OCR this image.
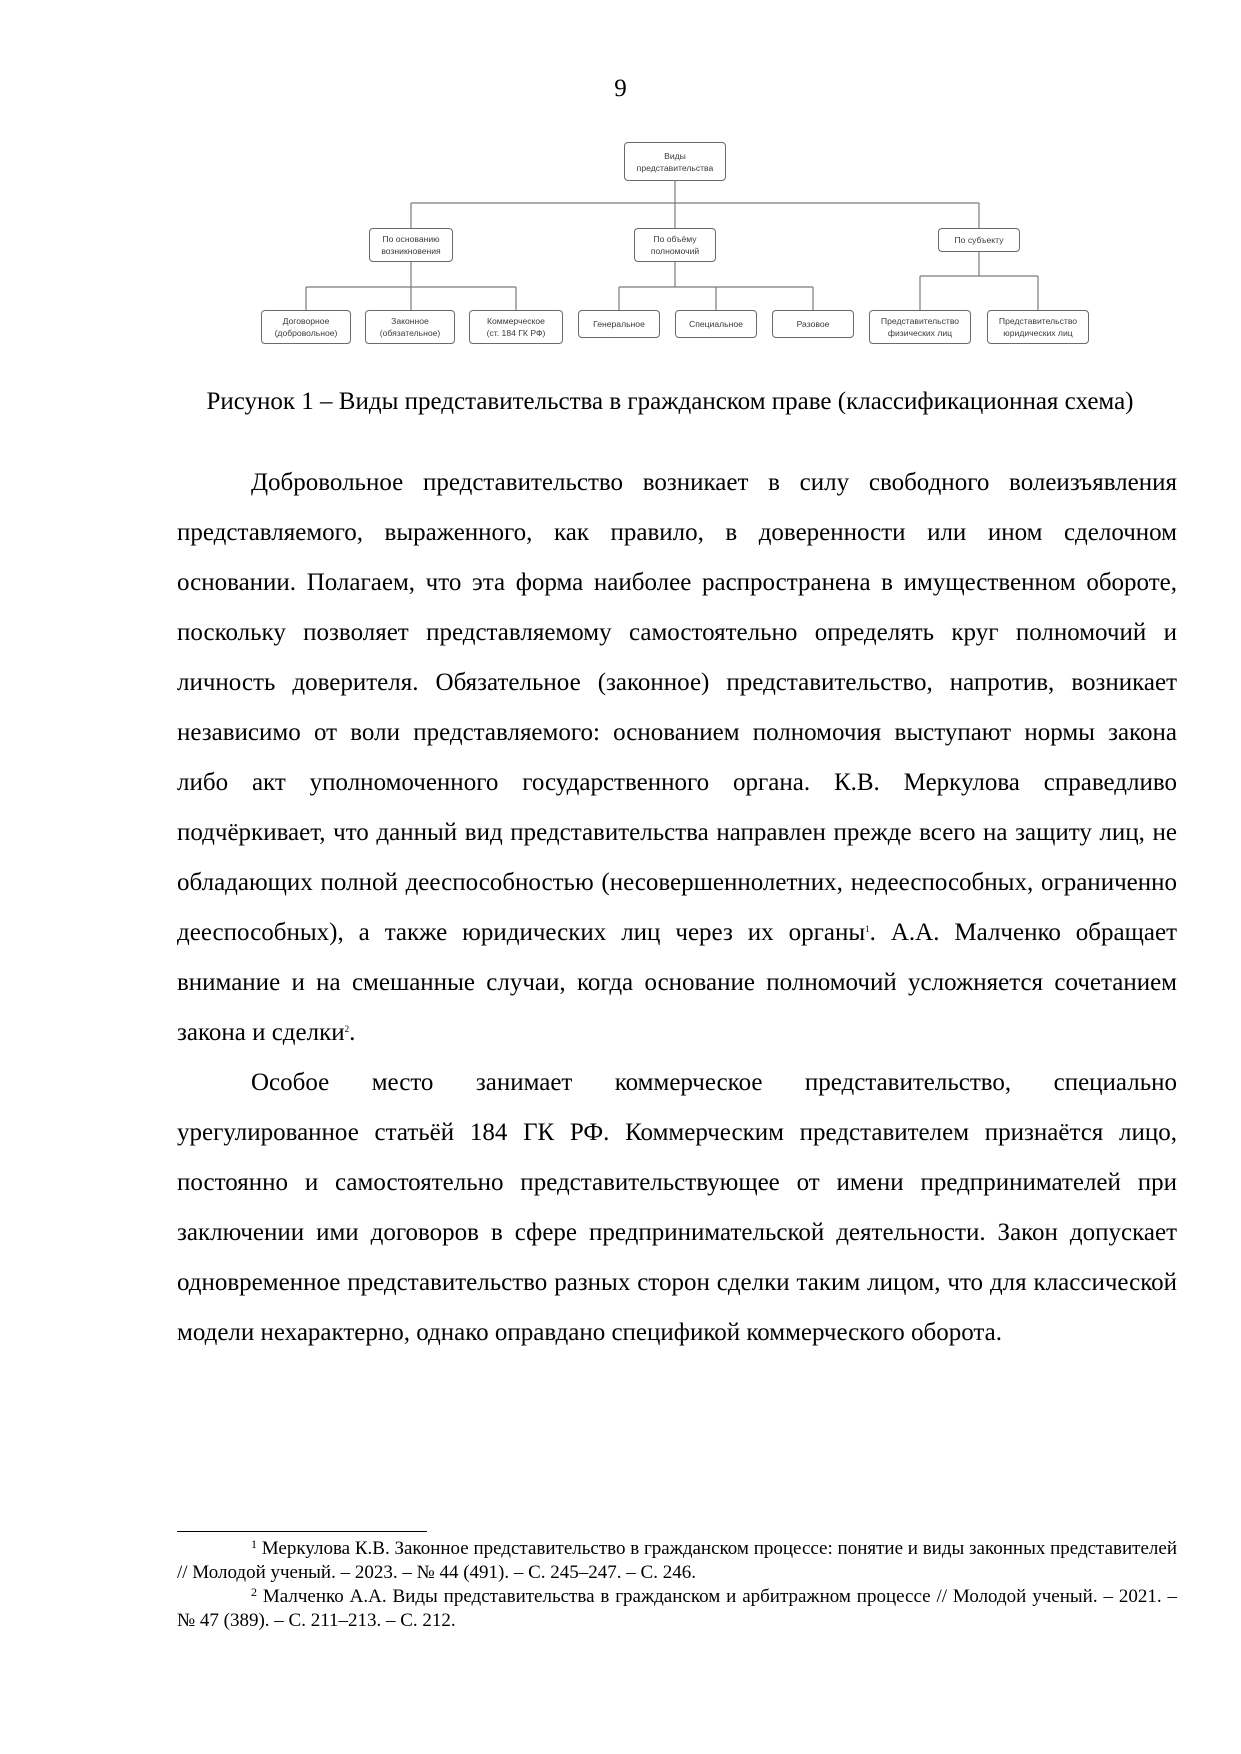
9
Виды
представительства
По основанию
возникновения
По объёму
полномочий
По субъекту
Договорное
(добровольное)
Законное
(обязательное)
Коммерческое
(ст. 184 ГК РФ)
Генеральное	Специальное	Разовое	Представительство
физических лиц
Представительство
юридических лиц
Рисунок 1 – Виды представительства в гражданском праве (классификационная схема)

Добровольное представительство возникает в силу свободного волеизъявления представляемого, выраженного, как правило, в доверенности или ином сделочном основании. Полагаем, что эта форма наиболее распространена в имущественном обороте, поскольку позволяет представляемому самостоятельно определять круг полномочий и личность доверителя. Обязательное (законное) представительство, напротив, возникает независимо от воли представляемого: основанием полномочия выступают нормы закона либо акт уполномоченного государственного органа. К.В. Меркулова справедливо подчёркивает, что данный вид представительства направлен прежде всего на защиту лиц, не обладающих полной дееспособностью (несовершеннолетних, недееспособных, ограниченно дееспособных), а также юридических лиц через их органы$^1$. А.А. Малченко обращает внимание и на смешанные случаи, когда основание полномочий усложняется сочетанием закона и сделки$^2$.

Особое место занимает коммерческое представительство, специально урегулированное статьёй 184 ГК РФ. Коммерческим представителем признаётся лицо, постоянно и самостоятельно представительствующее от имени предпринимателей при заключении ими договоров в сфере предпринимательской деятельности. Закон допускает одновременное представительство разных сторон сделки таким лицом, что для классической модели нехарактерно, однако оправдано спецификой коммерческого оборота.

$^1$ Меркулова К.В. Законное представительство в гражданском процессе: понятие и виды законных представителей // Молодой ученый. – 2023. – № 44 (491). – С. 245–247. – С. 246.

$^2$ Малченко А.А. Виды представительства в гражданском и арбитражном процессе // Молодой ученый. – 2021. – № 47 (389). – С. 211–213. – С. 212.
